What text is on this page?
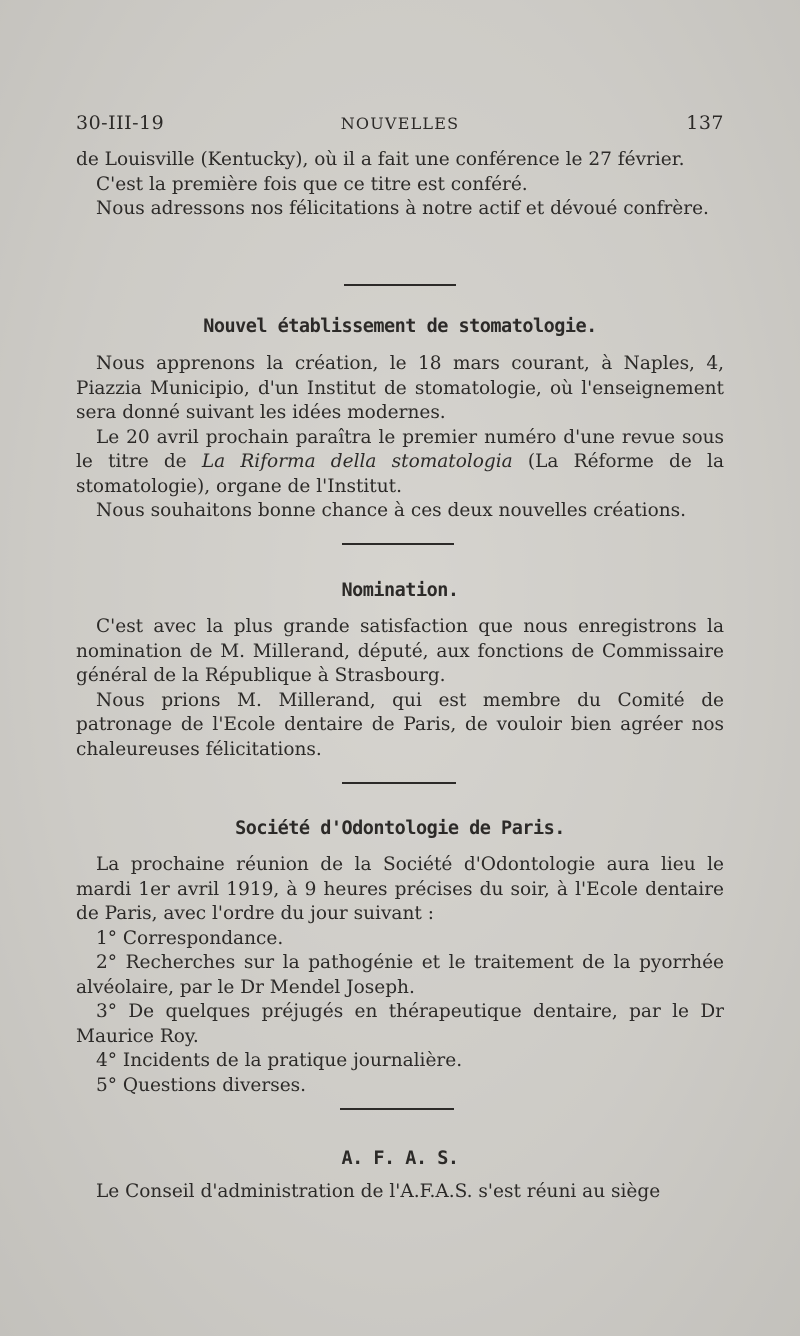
30-III-19	NOUVELLES	137

de Louisville (Kentucky), où il a fait une conférence le 27 février.

C'est la première fois que ce titre est conféré.

Nous adressons nos félicitations à notre actif et dévoué confrère.

Nouvel établissement de stomatologie.

Nous apprenons la création, le 18 mars courant, à Naples, 4, Piazzia Municipio, d'un Institut de stomatologie, où l'enseignement sera donné suivant les idées modernes.

Le 20 avril prochain paraîtra le premier numéro d'une revue sous le titre de La Riforma della stomatologia (La Réforme de la stomatologie), organe de l'Institut.

Nous souhaitons bonne chance à ces deux nouvelles créations.

Nomination.

C'est avec la plus grande satisfaction que nous enregistrons la nomination de M. Millerand, député, aux fonctions de Commissaire général de la République à Strasbourg.

Nous prions M. Millerand, qui est membre du Comité de patronage de l'Ecole dentaire de Paris, de vouloir bien agréer nos chaleureuses félicitations.

Société d'Odontologie de Paris.

La prochaine réunion de la Société d'Odontologie aura lieu le mardi 1er avril 1919, à 9 heures précises du soir, à l'Ecole dentaire de Paris, avec l'ordre du jour suivant :

1° Correspondance.

2° Recherches sur la pathogénie et le traitement de la pyorrhée alvéolaire, par le Dr Mendel Joseph.

3° De quelques préjugés en thérapeutique dentaire, par le Dr Maurice Roy.

4° Incidents de la pratique journalière.

5° Questions diverses.

A. F. A. S.

Le Conseil d'administration de l'A.F.A.S. s'est réuni au siège
